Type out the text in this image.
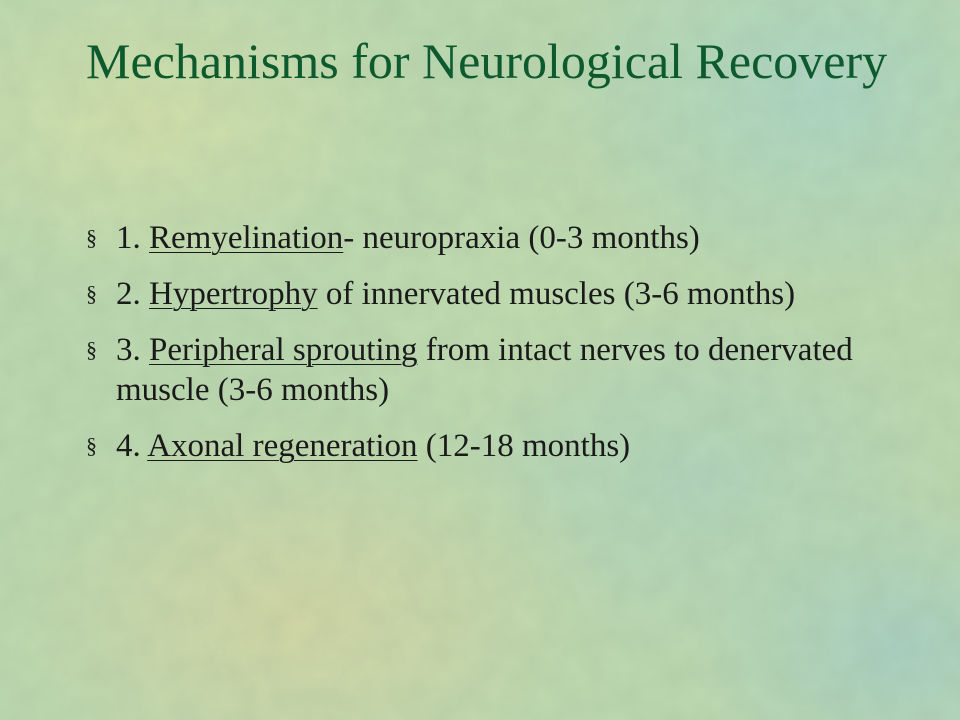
Mechanisms for Neurological Recovery
§ 1. Remyelination- neuropraxia (0-3 months)
§ 2. Hypertrophy of innervated muscles (3-6 months)
§ 3. Peripheral sprouting from intact nerves to denervated muscle (3-6 months)
§ 4. Axonal regeneration (12-18 months)
